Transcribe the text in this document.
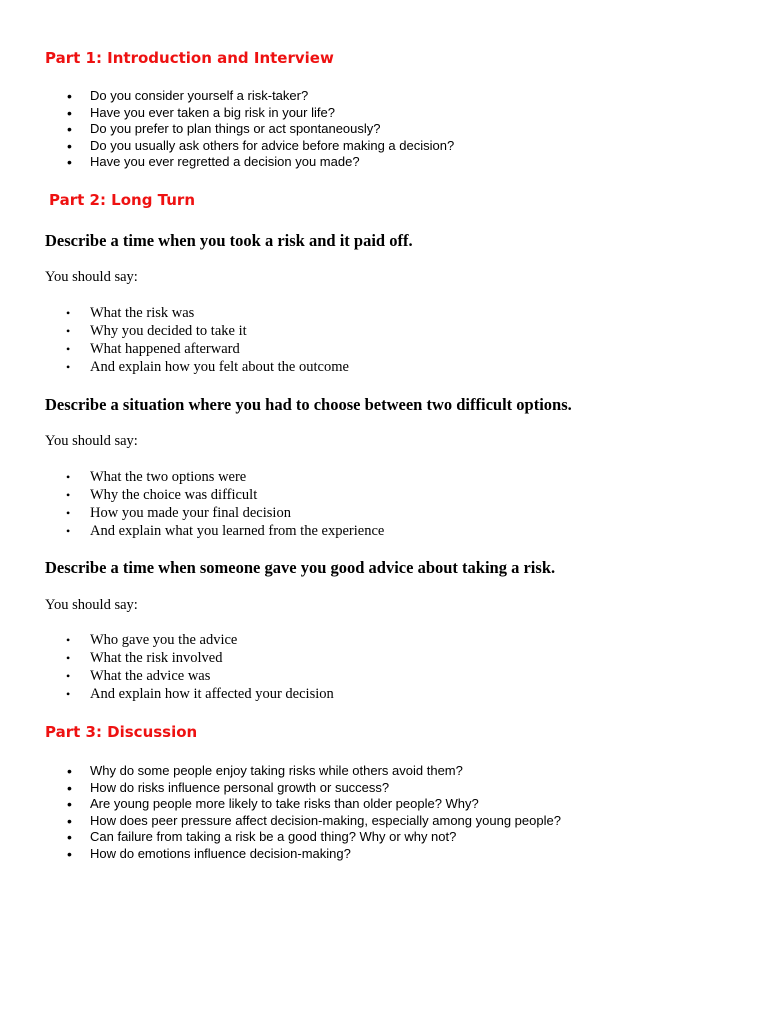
Part 1: Introduction and Interview
• Do you consider yourself a risk-taker?
• Have you ever taken a big risk in your life?
• Do you prefer to plan things or act spontaneously?
• Do you usually ask others for advice before making a decision?
• Have you ever regretted a decision you made?
Part 2: Long Turn

Describe a time when you took a risk and it paid off.

You should say:

• What the risk was
• Why you decided to take it
• What happened afterward
• And explain how you felt about the outcome

Describe a situation where you had to choose between two difficult options.

You should say:

• What the two options were
• Why the choice was difficult
• How you made your final decision
• And explain what you learned from the experience

Describe a time when someone gave you good advice about taking a risk.

You should say:

• Who gave you the advice
• What the risk involved
• What the advice was
• And explain how it affected your decision
Part 3: Discussion
• Why do some people enjoy taking risks while others avoid them?
• How do risks influence personal growth or success?
• Are young people more likely to take risks than older people? Why?
• How does peer pressure affect decision-making, especially among young people?
• Can failure from taking a risk be a good thing? Why or why not?
• How do emotions influence decision-making?
